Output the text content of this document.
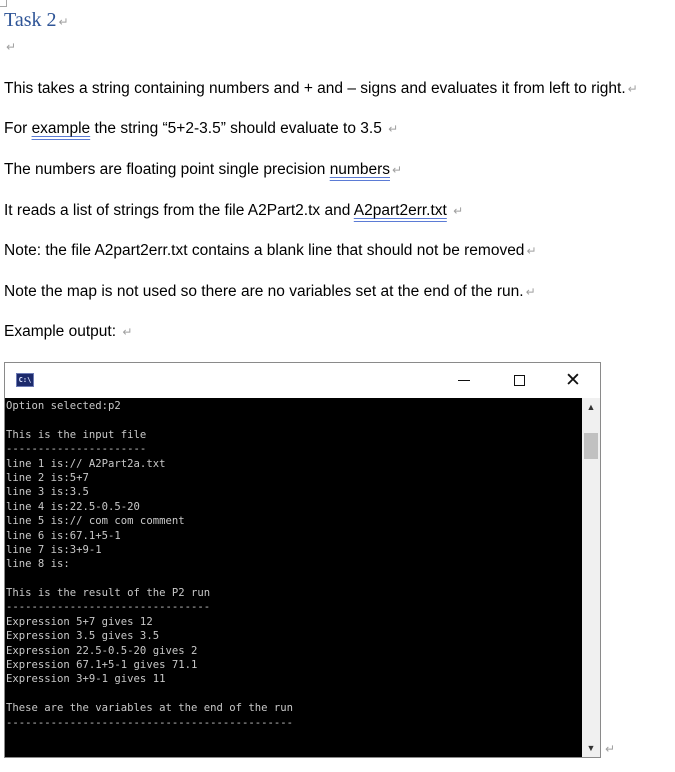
Task 2 ↵
↵
This takes a string containing numbers and + and – signs and evaluates it from left to right. ↵
For example the string “5+2-3.5” should evaluate to 3.5 ↵
The numbers are floating point single precision numbers ↵
It reads a list of strings from the file A2Part2.tx and A2part2err.txt ↵
Note: the file A2part2err.txt contains a blank line that should not be removed ↵
Note the map is not used so there are no variables set at the end of the run. ↵
Example output: ↵
C:\	✕
Option selected:p2
This is the input file
----------------------
line 1 is:// A2Part2a.txt
line 2 is:5+7
line 3 is:3.5
line 4 is:22.5-0.5-20
line 5 is:// com com comment
line 6 is:67.1+5-1
line 7 is:3+9-1
line 8 is:
This is the result of the P2 run
--------------------------------
Expression 5+7 gives 12
Expression 3.5 gives 3.5
Expression 22.5-0.5-20 gives 2
Expression 67.1+5-1 gives 71.1
Expression 3+9-1 gives 11
These are the variables at the end of the run
---------------------------------------------
▲
▼ ↵
